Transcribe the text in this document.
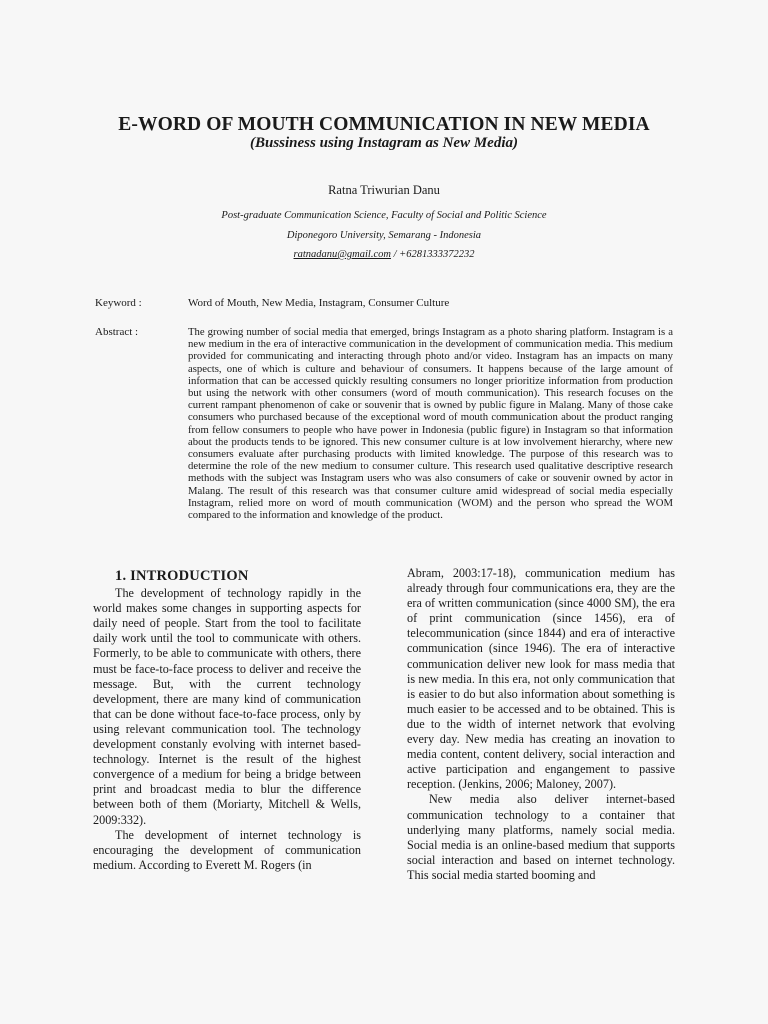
E-WORD OF MOUTH COMMUNICATION IN NEW MEDIA
(Bussiness using Instagram as New Media)
Ratna Triwurian Danu
Post-graduate Communication Science, Faculty of Social and Politic Science
Diponegoro University, Semarang - Indonesia
ratnadanu@gmail.com / +6281333372232
Keyword :	Word of Mouth, New Media, Instagram, Consumer Culture
Abstract :	The growing number of social media that emerged, brings Instagram as a photo sharing platform. Instagram is a new medium in the era of interactive communication in the development of communication media. This medium provided for communicating and interacting through photo and/or video. Instagram has an impacts on many aspects, one of which is culture and behaviour of consumers. It happens because of the large amount of information that can be accessed quickly resulting consumers no longer prioritize information from production but using the network with other consumers (word of mouth communication). This research focuses on the current rampant phenomenon of cake or souvenir that is owned by public figure in Malang. Many of those cake consumers who purchased because of the exceptional word of mouth communication about the product ranging from fellow consumers to people who have power in Indonesia (public figure) in Instagram so that information about the products tends to be ignored. This new consumer culture is at low involvement hierarchy, where new consumers evaluate after purchasing products with limited knowledge. The purpose of this research was to determine the role of the new medium to consumer culture. This research used qualitative descriptive research methods with the subject was Instagram users who was also consumers of cake or souvenir owned by actor in Malang. The result of this research was that consumer culture amid widespread of social media especially Instagram, relied more on word of mouth communication (WOM) and the person who spread the WOM compared to the information and knowledge of the product.
1. INTRODUCTION

The development of technology rapidly in the world makes some changes in supporting aspects for daily need of people. Start from the tool to facilitate daily work until the tool to communicate with others. Formerly, to be able to communicate with others, there must be face-to-face process to deliver and receive the message. But, with the current technology development, there are many kind of communication that can be done without face-to-face process, only by using relevant communication tool. The technology development constanly evolving with internet based-technology. Internet is the result of the highest convergence of a medium for being a bridge between print and broadcast media to blur the difference between both of them (Moriarty, Mitchell & Wells, 2009:332).

The development of internet technology is encouraging the development of communication medium. According to Everett M. Rogers (in

Abram, 2003:17-18), communication medium has already through four communications era, they are the era of written communication (since 4000 SM), the era of print communication (since 1456), era of telecommunication (since 1844) and era of interactive communication (since 1946). The era of interactive communication deliver new look for mass media that is new media. In this era, not only communication that is easier to do but also information about something is much easier to be accessed and to be obtained. This is due to the width of internet network that evolving every day. New media has creating an inovation to media content, content delivery, social interaction and active participation and engangement to passive reception. (Jenkins, 2006; Maloney, 2007).

New media also deliver internet-based communication technology to a container that underlying many platforms, namely social media. Social media is an online-based medium that supports social interaction and based on internet technology. This social media started booming and
